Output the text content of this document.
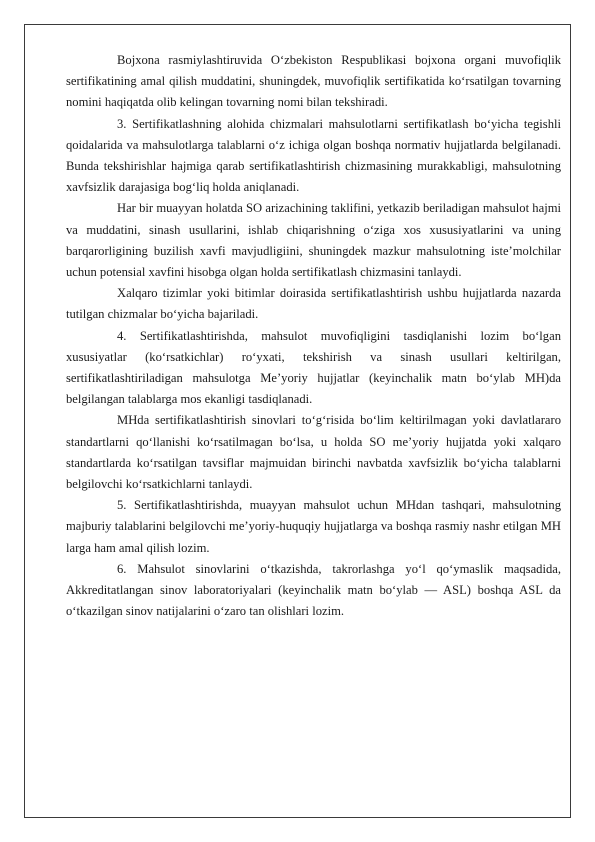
Bojxona rasmiylashtiruvida O‘zbekiston Respublikasi bojxona organi muvofiqlik sertifikatining amal qilish muddatini, shuningdek, muvofiqlik sertifikatida ko‘rsatilgan tovarning nomini haqiqatda olib kelingan tovarning nomi bilan tekshiradi.

3. Sertifikatlashning alohida chizmalari mahsulotlarni sertifikatlash bo‘yicha tegishli qoidalarida va mahsulotlarga talablarni o‘z ichiga olgan boshqa normativ hujjatlarda belgilanadi. Bunda tekshirishlar hajmiga qarab sertifikatlashtirish chizmasining murakkabligi, mahsulotning xavfsizlik darajasiga bog‘liq holda aniqlanadi.

Har bir muayyan holatda SO arizachining taklifini, yetkazib beriladigan mahsulot hajmi va muddatini, sinash usullarini, ishlab chiqarishning o‘ziga xos xususiyatlarini va uning barqarorligining buzilish xavfi mavjudligiini, shuningdek mazkur mahsulotning iste’molchilar uchun potensial xavfini hisobga olgan holda sertifikatlash chizmasini tanlaydi.

Xalqaro tizimlar yoki bitimlar doirasida sertifikatlashtirish ushbu hujjatlarda nazarda tutilgan chizmalar bo‘yicha bajariladi.

4. Sertifikatlashtirishda, mahsulot muvofiqligini tasdiqlanishi lozim bo‘lgan xususiyatlar (ko‘rsatkichlar) ro‘yxati, tekshirish va sinash usullari keltirilgan, sertifikatlashtiriladigan mahsulotga Me’yoriy hujjatlar (keyinchalik matn bo‘ylab MH)da belgilangan talablarga mos ekanligi tasdiqlanadi.

MHda sertifikatlashtirish sinovlari to‘g‘risida bo‘lim keltirilmagan yoki davlatlararo standartlarni qo‘llanishi ko‘rsatilmagan bo‘lsa, u holda SO me’yoriy hujjatda yoki xalqaro standartlarda ko‘rsatilgan tavsiflar majmuidan birinchi navbatda xavfsizlik bo‘yicha talablarni belgilovchi ko‘rsatkichlarni tanlaydi.

5. Sertifikatlashtirishda, muayyan mahsulot uchun MHdan tashqari, mahsulotning majburiy talablarini belgilovchi me’yoriy-huquqiy hujjatlarga va boshqa rasmiy nashr etilgan MH larga ham amal qilish lozim.

6. Mahsulot sinovlarini o‘tkazishda, takrorlashga yo‘l qo‘ymaslik maqsadida, Akkreditatlangan sinov laboratoriyalari (keyinchalik matn bo‘ylab — ASL) boshqa ASL da o‘tkazilgan sinov natijalarini o‘zaro tan olishlari lozim.
